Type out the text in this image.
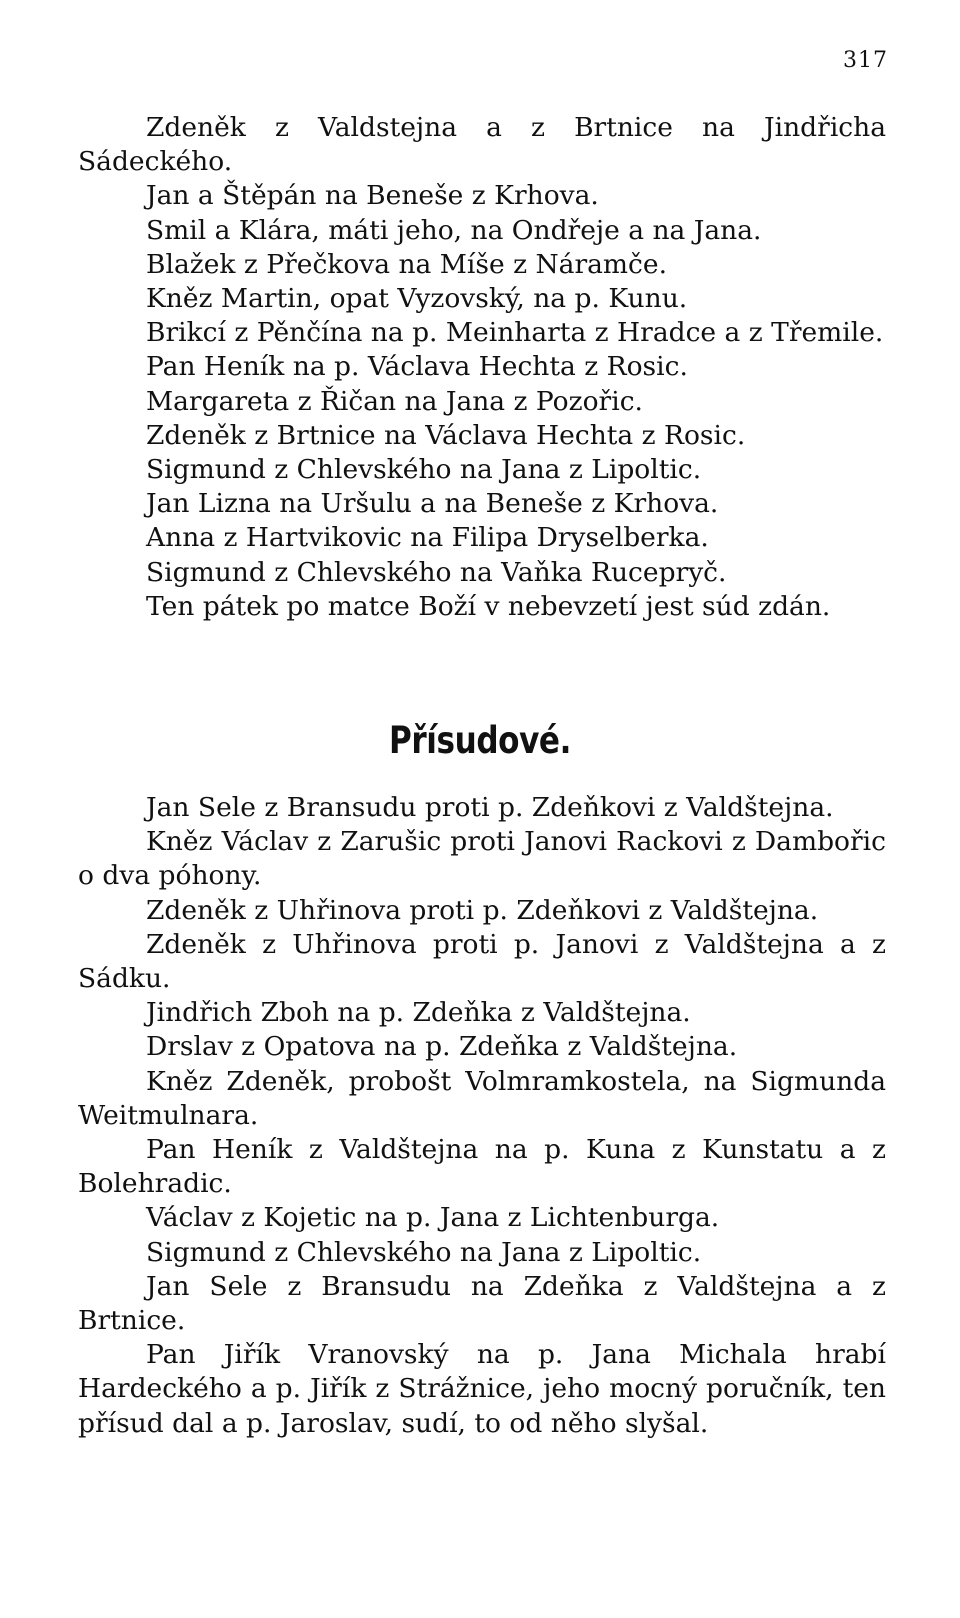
317

Zdeněk z Valdstejna a z Brtnice na Jindřicha Sádeckého.

Jan a Štěpán na Beneše z Krhova.

Smil a Klára, máti jeho, na Ondřeje a na Jana.

Blažek z Přečkova na Míše z Náramče.

Kněz Martin, opat Vyzovský, na p. Kunu.

Brikcí z Pěnčína na p. Meinharta z Hradce a z Třemile.

Pan Heník na p. Václava Hechta z Rosic.

Margareta z Řičan na Jana z Pozořic.

Zdeněk z Brtnice na Václava Hechta z Rosic.

Sigmund z Chlevského na Jana z Lipoltic.

Jan Lizna na Uršulu a na Beneše z Krhova.

Anna z Hartvikovic na Filipa Dryselberka.

Sigmund z Chlevského na Vaňka Rucepryč.

Ten pátek po matce Boží v nebevzetí jest súd zdán.

Přísudové.

Jan Sele z Bransudu proti p. Zdeňkovi z Valdštejna.

Kněz Václav z Zarušic proti Janovi Rackovi z Dambořic o dva póhony.

Zdeněk z Uhřinova proti p. Zdeňkovi z Valdštejna.

Zdeněk z Uhřinova proti p. Janovi z Valdštejna a z Sádku.

Jindřich Zboh na p. Zdeňka z Valdštejna.

Drslav z Opatova na p. Zdeňka z Valdštejna.

Kněz Zdeněk, probošt Volmramkostela, na Sigmunda Weitmulnara.

Pan Heník z Valdštejna na p. Kuna z Kunstatu a z Bolehradic.

Václav z Kojetic na p. Jana z Lichtenburga.

Sigmund z Chlevského na Jana z Lipoltic.

Jan Sele z Bransudu na Zdeňka z Valdštejna a z Brtnice.

Pan Jiřík Vranovský na p. Jana Michala hrabí Hardeckého a p. Jiřík z Strážnice, jeho mocný poručník, ten přísud dal a p. Jaroslav, sudí, to od něho slyšal.
